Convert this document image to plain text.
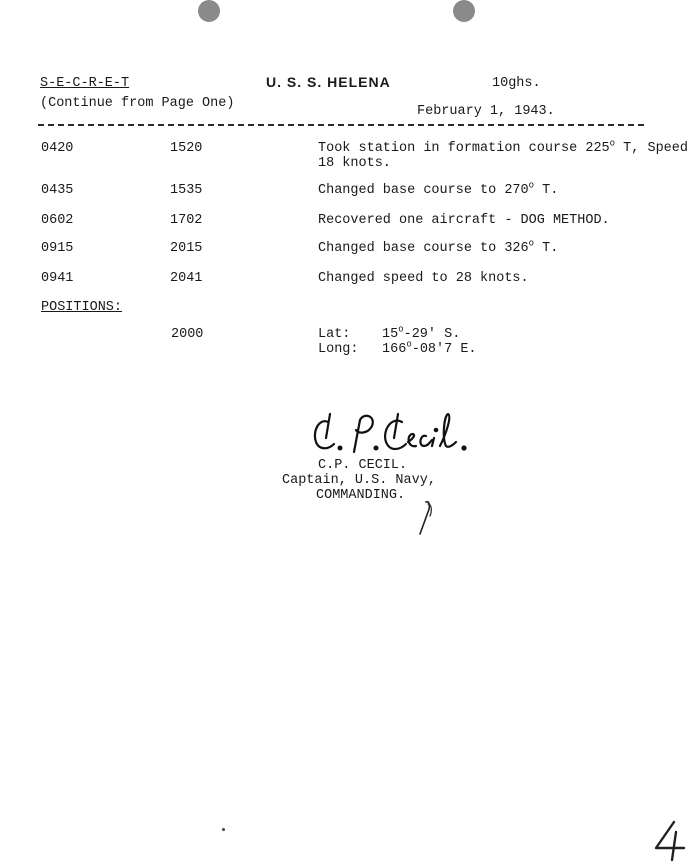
S-E-C-R-E-T	U. S. S. HELENA	10ghs.
(Continue from Page One)
February 1, 1943.
0420	1520	Took station in formation course 225$^o$ T, Speed 18 knots.
0435	1535	Changed base course to 270$^o$ T.
0602	1702	Recovered one aircraft - DOG METHOD.
0915	2015	Changed base course to 326$^o$ T.
0941	2041	Changed speed to 28 knots.
POSITIONS:
2000	Lat: 15$^o$-29' S.
Long: 166$^o$-08'7 E.
C.P. CECIL.
Captain, U.S. Navy,
COMMANDING.
